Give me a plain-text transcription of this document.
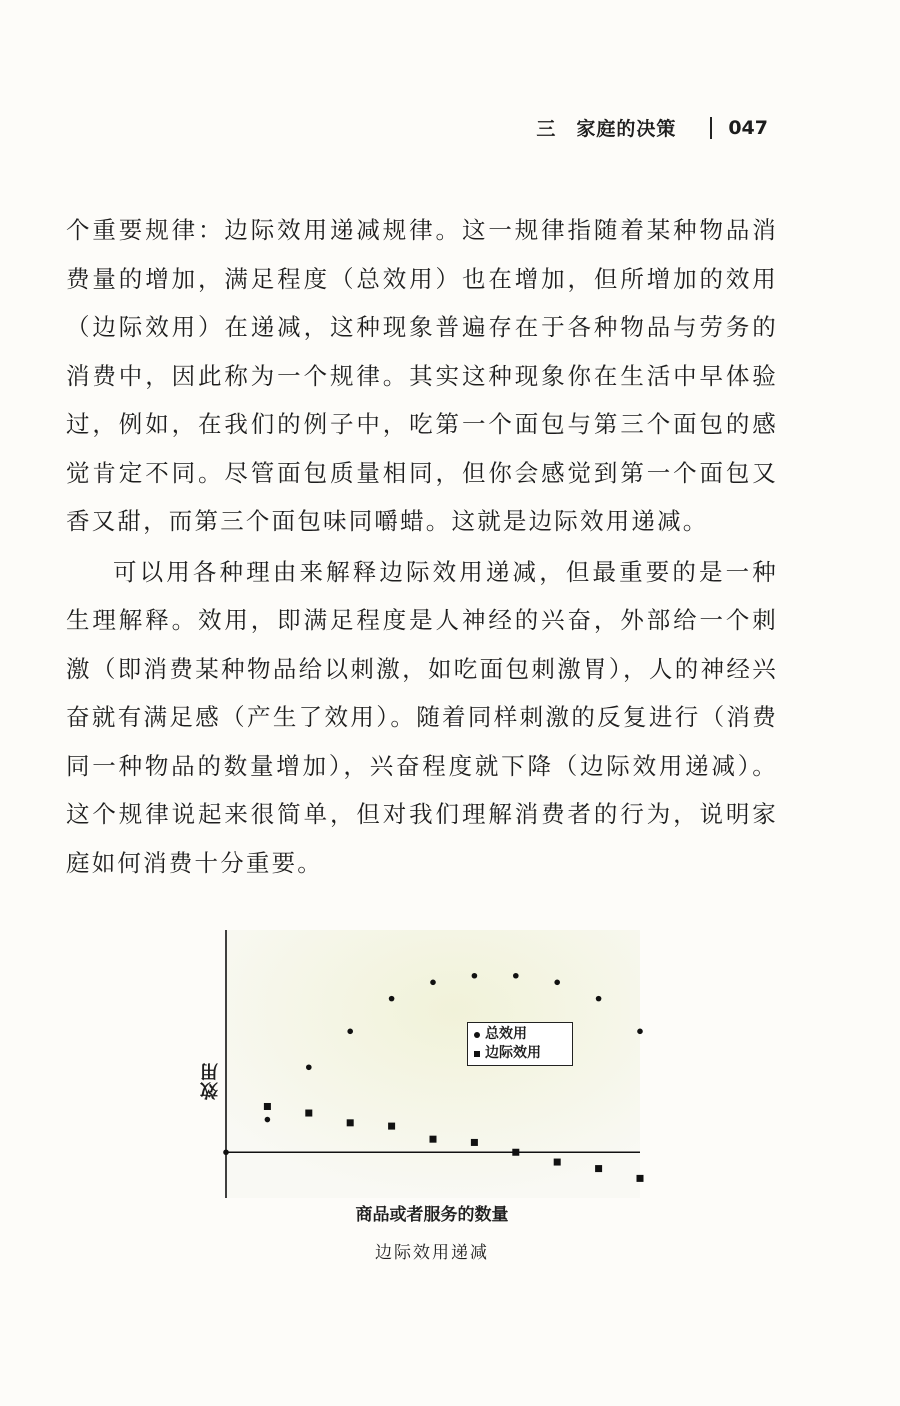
三　家庭的决策	047

个重要规律：边际效用递减规律。这一规律指随着某种物品消费量的增加，满足程度（总效用）也在增加，但所增加的效用（边际效用）在递减，这种现象普遍存在于各种物品与劳务的消费中，因此称为一个规律。其实这种现象你在生活中早体验过，例如，在我们的例子中，吃第一个面包与第三个面包的感觉肯定不同。尽管面包质量相同，但你会感觉到第一个面包又香又甜，而第三个面包味同嚼蜡。这就是边际效用递减。

可以用各种理由来解释边际效用递减，但最重要的是一种生理解释。效用，即满足程度是人神经的兴奋，外部给一个刺激（即消费某种物品给以刺激，如吃面包刺激胃），人的神经兴奋就有满足感（产生了效用）。随着同样刺激的反复进行（消费同一种物品的数量增加），兴奋程度就下降（边际效用递减）。这个规律说起来很简单，但对我们理解消费者的行为，说明家庭如何消费十分重要。

效用
总效用
边际效用
商品或者服务的数量
边际效用递减
